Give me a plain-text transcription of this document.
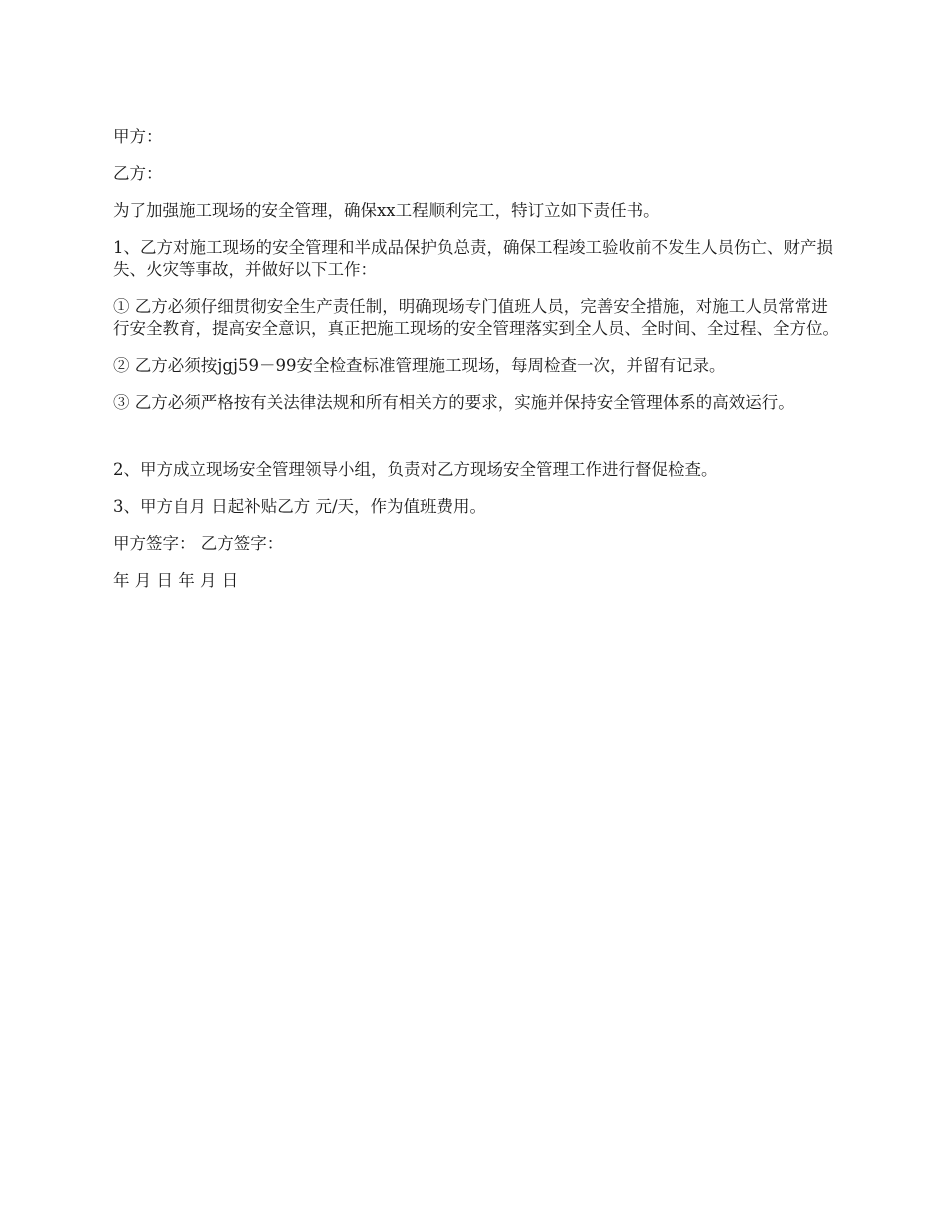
甲方：

乙方：

为了加强施工现场的安全管理，确保xx工程顺利完工，特订立如下责任书。

1、乙方对施工现场的安全管理和半成品保护负总责，确保工程竣工验收前不发生人员伤亡、财产损失、火灾等事故，并做好以下工作：

① 乙方必须仔细贯彻安全生产责任制，明确现场专门值班人员，完善安全措施，对施工人员常常进行安全教育，提高安全意识，真正把施工现场的安全管理落实到全人员、全时间、全过程、全方位。

② 乙方必须按jgj59－99安全检查标准管理施工现场，每周检查一次，并留有记录。

③ 乙方必须严格按有关法律法规和所有相关方的要求，实施并保持安全管理体系的高效运行。

2、甲方成立现场安全管理领导小组，负责对乙方现场安全管理工作进行督促检查。

3、甲方自月 日起补贴乙方 元/天，作为值班费用。

甲方签字： 乙方签字：

年 月 日 年 月 日
